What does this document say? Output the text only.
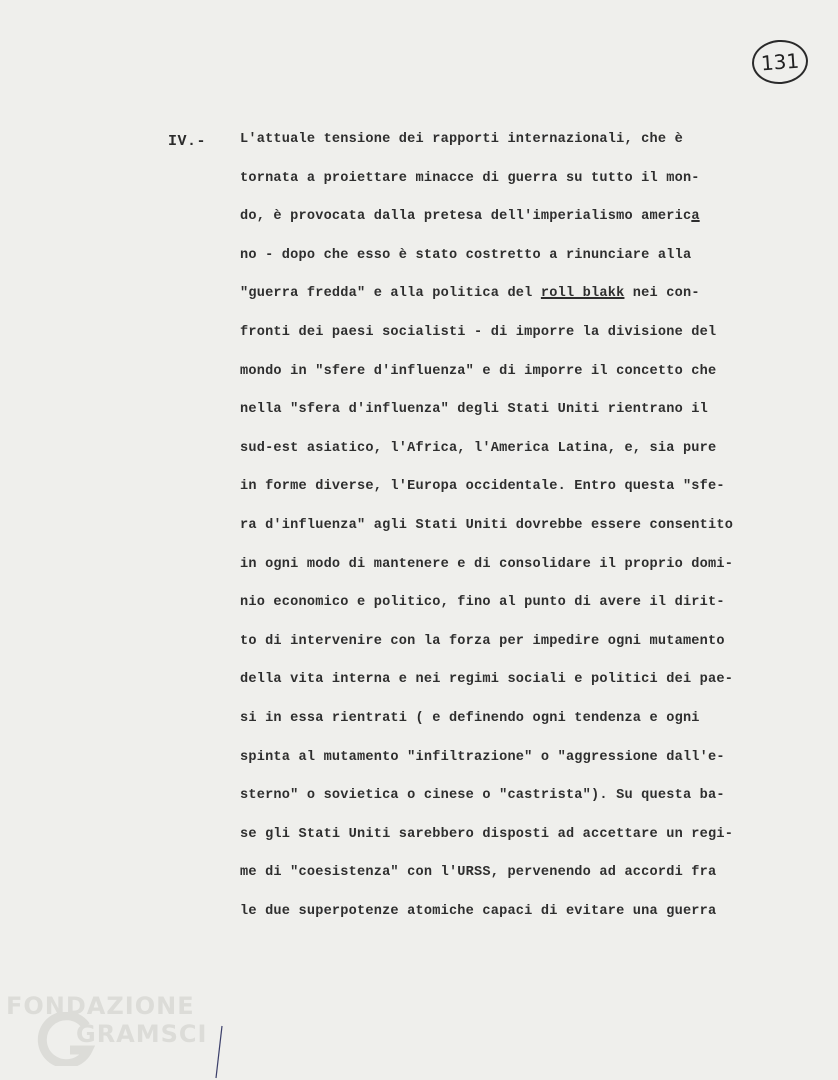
131
IV.- L'attuale tensione dei rapporti internazionali, che è
tornata a proiettare minacce di guerra su tutto il mon-
do, è provocata dalla pretesa dell'imperialismo america
no - dopo che esso è stato costretto a rinunciare alla
"guerra fredda" e alla politica del roll blakk nei con-
fronti dei paesi socialisti - di imporre la divisione del
mondo in "sfere d'influenza" e di imporre il concetto che
nella "sfera d'influenza" degli Stati Uniti rientrano il
sud-est asiatico, l'Africa, l'America Latina, e, sia pure
in forme diverse, l'Europa occidentale. Entro questa "sfe-
ra d'influenza" agli Stati Uniti dovrebbe essere consentito
in ogni modo di mantenere e di consolidare il proprio domi-
nio economico e politico, fino al punto di avere il dirit-
to di intervenire con la forza per impedire ogni mutamento
della vita interna e nei regimi sociali e politici dei pae-
si in essa rientrati ( e definendo ogni tendenza e ogni
spinta al mutamento "infiltrazione" o "aggressione dall'e-
sterno" o sovietica o cinese o "castrista"). Su questa ba-
se gli Stati Uniti sarebbero disposti ad accettare un regi-
me di "coesistenza" con l'URSS, pervenendo ad accordi fra
le due superpotenze atomiche capaci di evitare una guerra
FONDAZIONE
GRAMSCI
